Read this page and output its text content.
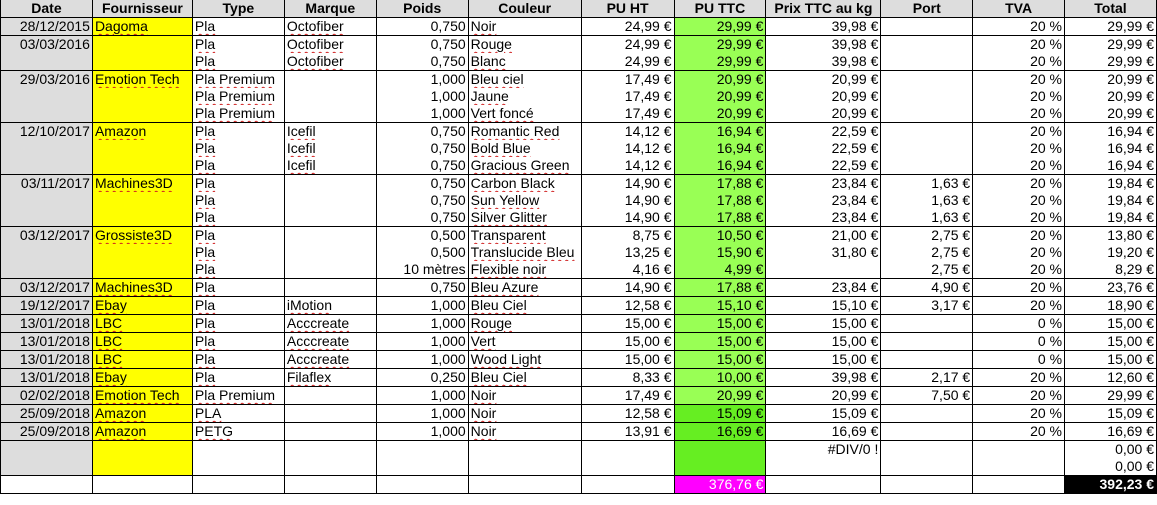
Date	Fournisseur	Type	Marque	Poids	Couleur	PU HT	PU TTC	Prix TTC au kg	Port	TVA	Total
28/12/2015	Dagoma	Pla	Octofiber	0,750	Noir	24,99 €	29,99 €	39,98 €		20 %	29,99 €
03/03/2016		Pla	Octofiber	0,750	Rouge	24,99 €	29,99 €	39,98 €		20 %	29,99 €
		Pla	Octofiber	0,750	Blanc	24,99 €	29,99 €	39,98 €		20 %	29,99 €
29/03/2016	Emotion Tech	Pla Premium		1,000	Bleu ciel	17,49 €	20,99 €	20,99 €		20 %	20,99 €
		Pla Premium		1,000	Jaune	17,49 €	20,99 €	20,99 €		20 %	20,99 €
		Pla Premium		1,000	Vert foncé	17,49 €	20,99 €	20,99 €		20 %	20,99 €
12/10/2017	Amazon	Pla	Icefil	0,750	Romantic Red	14,12 €	16,94 €	22,59 €		20 %	16,94 €
		Pla	Icefil	0,750	Bold Blue	14,12 €	16,94 €	22,59 €		20 %	16,94 €
		Pla	Icefil	0,750	Gracious Green	14,12 €	16,94 €	22,59 €		20 %	16,94 €
03/11/2017	Machines3D	Pla		0,750	Carbon Black	14,90 €	17,88 €	23,84 €	1,63 €	20 %	19,84 €
		Pla		0,750	Sun Yellow	14,90 €	17,88 €	23,84 €	1,63 €	20 %	19,84 €
		Pla		0,750	Silver Glitter	14,90 €	17,88 €	23,84 €	1,63 €	20 %	19,84 €
03/12/2017	Grossiste3D	Pla		0,500	Transparent	8,75 €	10,50 €	21,00 €	2,75 €	20 %	13,80 €
		Pla		0,500	Translucide Bleu	13,25 €	15,90 €	31,80 €	2,75 €	20 %	19,20 €
		Pla		10 mètres	Flexible noir	4,16 €	4,99 €		2,75 €	20 %	8,29 €
03/12/2017	Machines3D	Pla		0,750	Bleu Azure	14,90 €	17,88 €	23,84 €	4,90 €	20 %	23,76 €
19/12/2017	Ebay	Pla	iMotion	1,000	Bleu Ciel	12,58 €	15,10 €	15,10 €	3,17 €	20 %	18,90 €
13/01/2018	LBC	Pla	Acccreate	1,000	Rouge	15,00 €	15,00 €	15,00 €		0 %	15,00 €
13/01/2018	LBC	Pla	Acccreate	1,000	Vert	15,00 €	15,00 €	15,00 €		0 %	15,00 €
13/01/2018	LBC	Pla	Acccreate	1,000	Wood Light	15,00 €	15,00 €	15,00 €		0 %	15,00 €
13/01/2018	Ebay	Pla	Filaflex	0,250	Bleu Ciel	8,33 €	10,00 €	39,98 €	2,17 €	20 %	12,60 €
02/02/2018	Emotion Tech	Pla Premium		1,000	Noir	17,49 €	20,99 €	20,99 €	7,50 €	20 %	29,99 €
25/09/2018	Amazon	PLA		1,000	Noir	12,58 €	15,09 €	15,09 €		20 %	15,09 €
25/09/2018	Amazon	PETG		1,000	Noir	13,91 €	16,69 €	16,69 €		20 %	16,69 €
								#DIV/0 !			0,00 €
											0,00 €
							376,76 €				392,23 €
